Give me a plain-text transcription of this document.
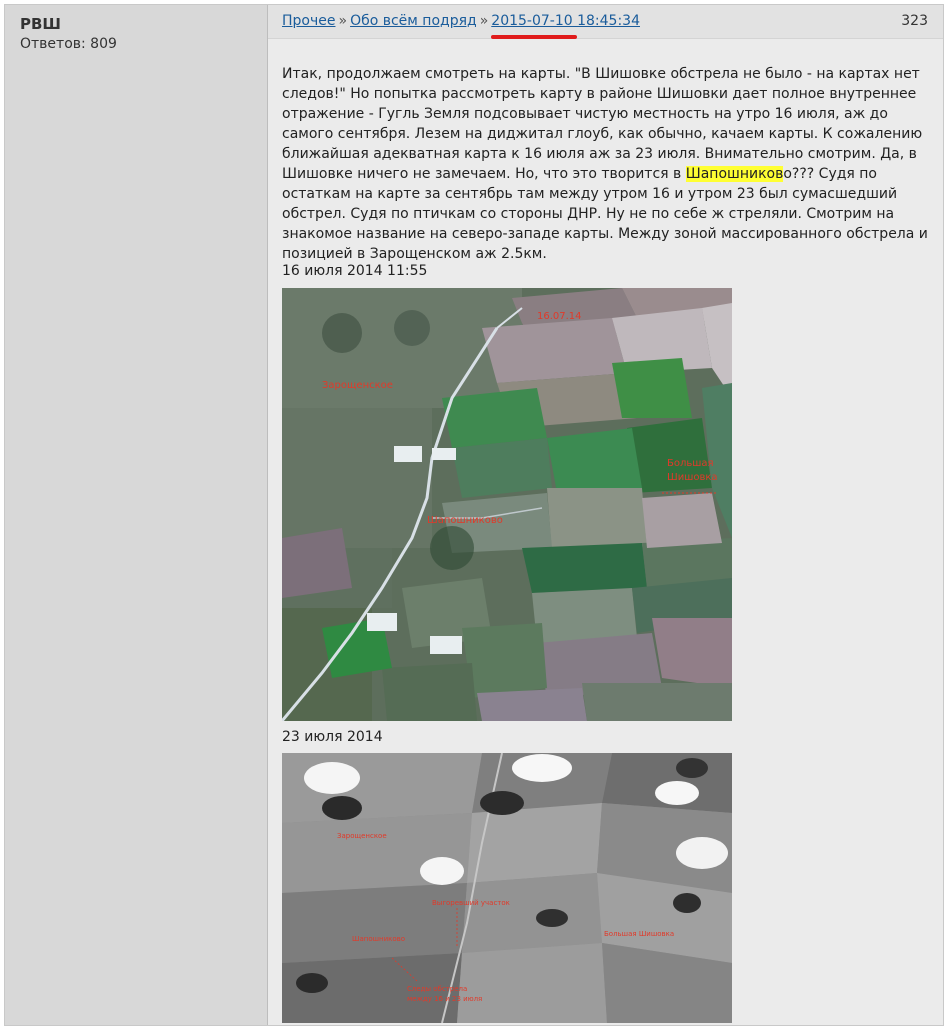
РВШ
Ответов: 809
Прочее » Обо всём подряд » 2015-07-10 18:45:34	323
Итак, продолжаем смотреть на карты. "В Шишовке обстрела не было - на картах нет следов!" Но попытка рассмотреть карту в районе Шишовки дает полное внутреннее отражение - Гугль Земля подсовывает чистую местность на утро 16 июля, аж до самого сентября. Лезем на диджитал глоуб, как обычно, качаем карты. К сожалению ближайшая адекватная карта к 16 июля аж за 23 июля. Внимательно смотрим. Да, в Шишовке ничего не замечаем. Но, что это творится в Шапошниково??? Судя по остаткам на карте за сентябрь там между утром 16 и утром 23 был сумасшедший обстрел. Судя по птичкам со стороны ДНР. Ну не по себе ж стреляли. Смотрим на знакомое название на северо-западе карты. Между зоной массированного обстрела и позицией в Зарощенском аж 2.5км.
16 июля 2014 11:55
16.07.14
Зарощенское
Шапошниково
Большая
Шишовка
23 июля 2014
Зарощенское
Выгоревший участок
Шапошниково
Большая Шишовка
Следы обстрела
между 16 и 23 июля
